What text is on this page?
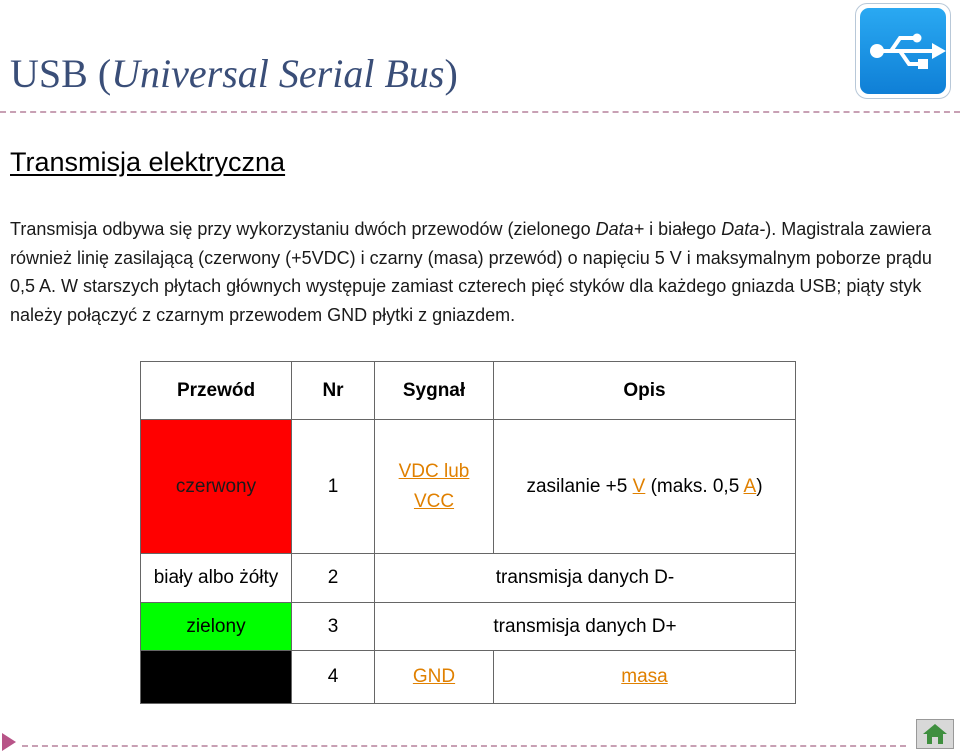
USB (Universal Serial Bus)
Transmisja elektryczna
Transmisja odbywa się przy wykorzystaniu dwóch przewodów (zielonego Data+ i białego Data-). Magistrala zawiera również linię zasilającą (czerwony (+5VDC) i czarny (masa) przewód) o napięciu 5 V i maksymalnym poborze prądu 0,5 A. W starszych płytach głównych występuje zamiast czterech pięć styków dla każdego gniazda USB; piąty styk należy połączyć z czarnym przewodem GND płytki z gniazdem.
Przewód	Nr	Sygnał	Opis
czerwony	1	VDC lub VCC	zasilanie +5 V (maks. 0,5 A)
biały albo żółty	2	transmisja danych D-	
zielony	3	transmisja danych D+	
	4	GND	masa
